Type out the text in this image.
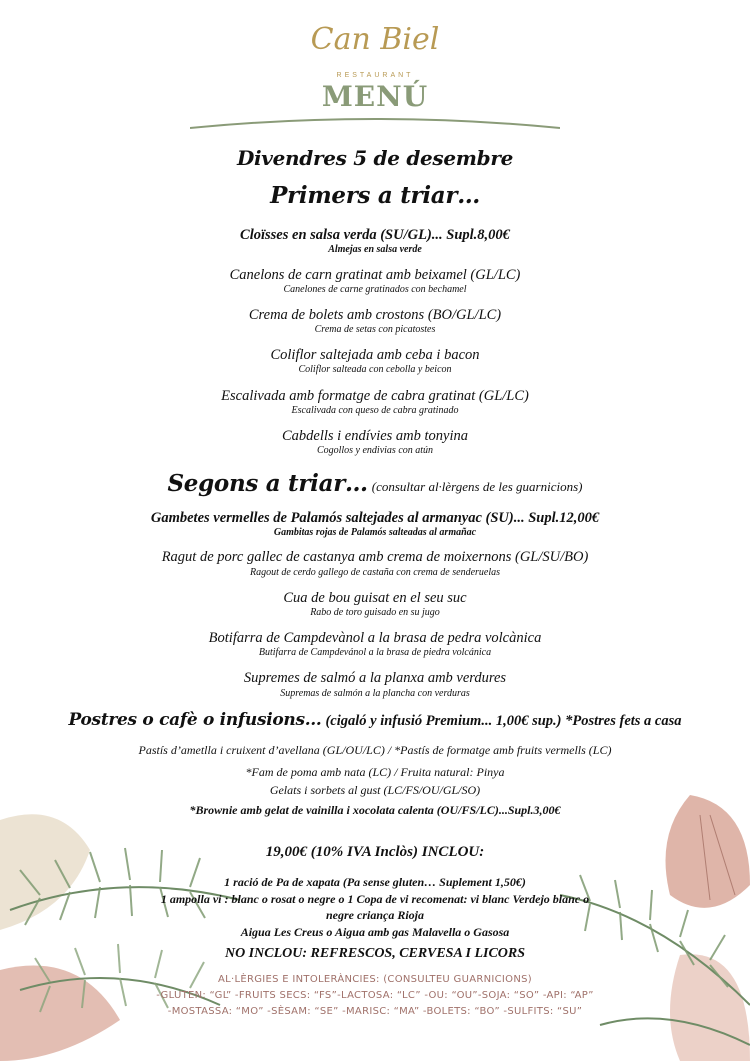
Can Biel
RESTAURANT
MENÚ
Divendres 5 de desembre
Primers a triar…
Cloïsses en salsa verda (SU/GL)... Supl.8,00€
Almejas en salsa verde
Canelons de carn gratinat amb beixamel (GL/LC)
Canelones de carne gratinados con bechamel
Crema de bolets amb crostons (BO/GL/LC)
Crema de setas con picatostes
Coliflor saltejada amb ceba i bacon
Coliflor salteada con cebolla y beicon
Escalivada amb formatge de cabra gratinat (GL/LC)
Escalivada con queso de cabra gratinado
Cabdells i endívies amb tonyina
Cogollos y endivias con atún
Segons a triar… (consultar al·lèrgens de les guarnicions)
Gambetes vermelles de Palamós saltejades al armanyac (SU)... Supl.12,00€
Gambitas rojas de Palamós salteadas al armañac
Ragut de porc gallec de castanya amb crema de moixernons (GL/SU/BO)
Ragout de cerdo gallego de castaña con crema de senderuelas
Cua de bou guisat en el seu suc
Rabo de toro guisado en su jugo
Botifarra de Campdevànol a la brasa de pedra volcànica
Butifarra de Campdevánol a la brasa de piedra volcánica
Supremes de salmó a la planxa amb verdures
Supremas de salmón a la plancha con verduras
Postres o cafè o infusions… (cigaló y infusió Premium... 1,00€ sup.) *Postres fets a casa
Pastís d’ametlla i cruixent d’avellana (GL/OU/LC) / *Pastís de formatge amb fruits vermells (LC)
*Fam de poma amb nata (LC) / Fruita natural: Pinya
Gelats i sorbets al gust (LC/FS/OU/GL/SO)
*Brownie amb gelat de vainilla i xocolata calenta (OU/FS/LC)...Supl.3,00€
19,00€ (10% IVA Inclòs) INCLOU:
1 ració de Pa de xapata (Pa sense gluten… Suplement 1,50€)
1 ampolla vi : blanc o rosat o negre o 1 Copa de vi recomenat: vi blanc Verdejo blanc o
negre criança Rioja
Aigua Les Creus o Aigua amb gas Malavella o Gasosa
NO INCLOU: REFRESCOS, CERVESA I LICORS
AL·LÈRGIES E INTOLERÀNCIES: (CONSULTEU GUARNICIONS)
-GLUTEN: “GL” -FRUITS SECS: “FS”-LACTOSA: “LC” -OU: “OU”-SOJA: “SO” -API: “AP”
-MOSTASSA: “MO” -SÈSAM: “SE” -MARISC: “MA” -BOLETS: “BO” -SULFITS: “SU”
